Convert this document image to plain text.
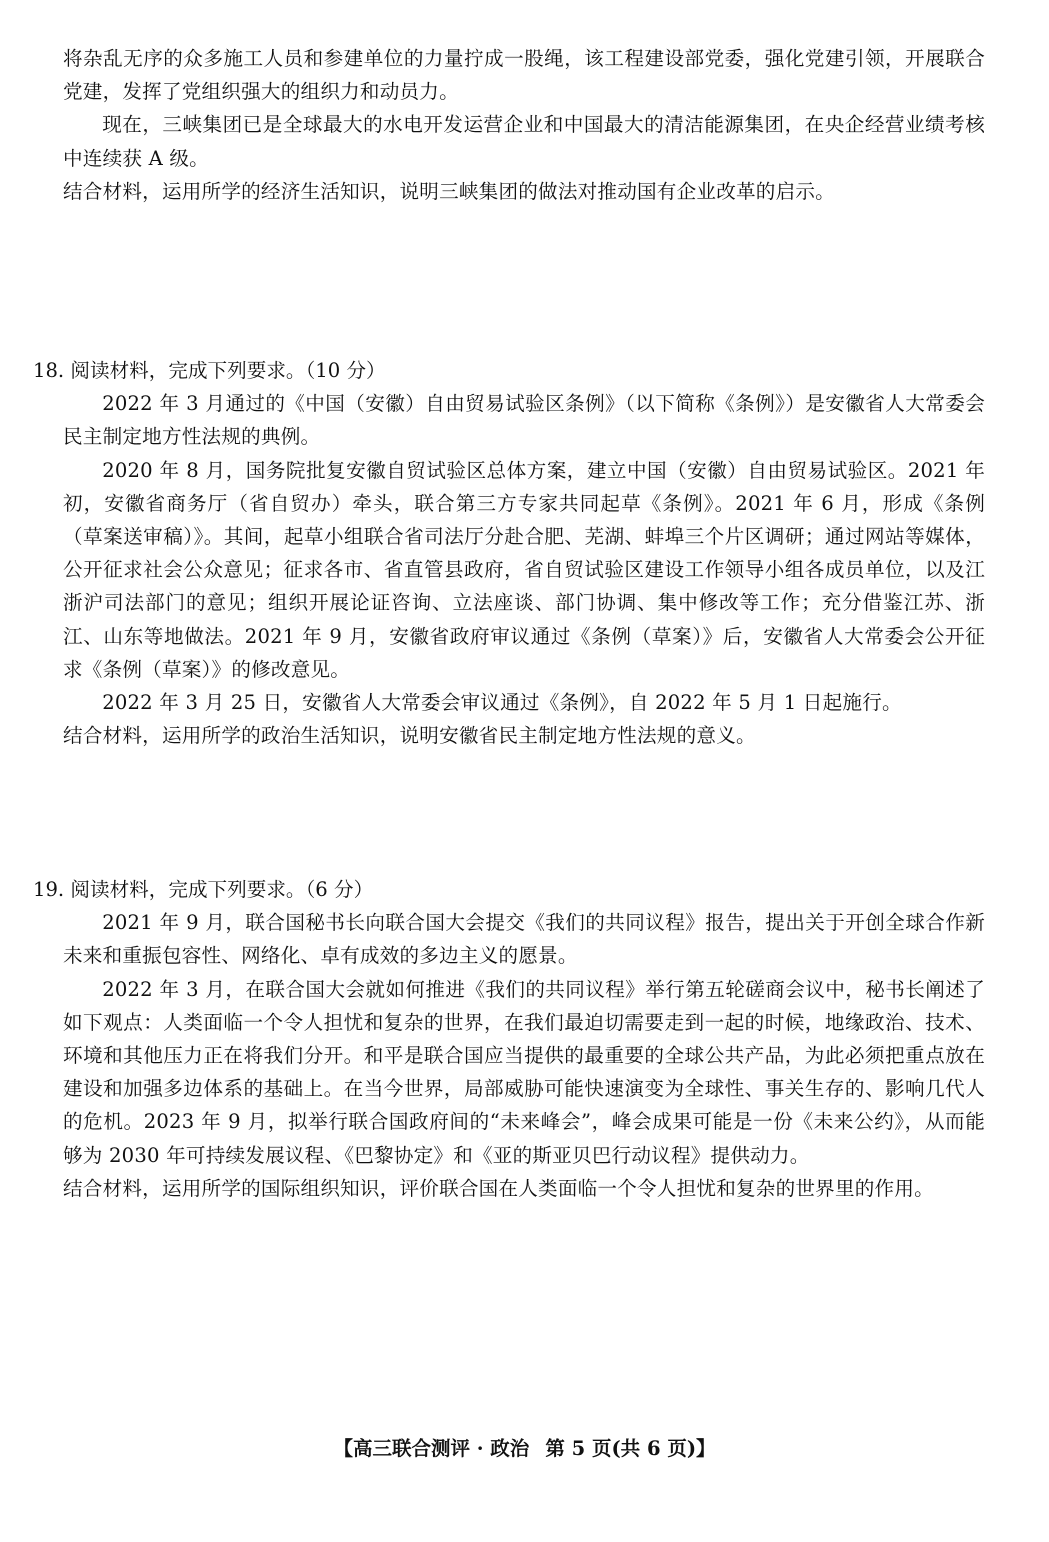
将杂乱无序的众多施工人员和参建单位的力量拧成一股绳，该工程建设部党委，强化党建引领，开展联合党建，发挥了党组织强大的组织力和动员力。

现在，三峡集团已是全球最大的水电开发运营企业和中国最大的清洁能源集团，在央企经营业绩考核中连续获 A 级。

结合材料，运用所学的经济生活知识，说明三峡集团的做法对推动国有企业改革的启示。

18. 阅读材料，完成下列要求。（10 分）

2022 年 3 月通过的《中国（安徽）自由贸易试验区条例》（以下简称《条例》）是安徽省人大常委会民主制定地方性法规的典例。

2020 年 8 月，国务院批复安徽自贸试验区总体方案，建立中国（安徽）自由贸易试验区。2021 年初，安徽省商务厅（省自贸办）牵头，联合第三方专家共同起草《条例》。2021 年 6 月，形成《条例（草案送审稿）》。其间，起草小组联合省司法厅分赴合肥、芜湖、蚌埠三个片区调研；通过网站等媒体，公开征求社会公众意见；征求各市、省直管县政府，省自贸试验区建设工作领导小组各成员单位，以及江浙沪司法部门的意见；组织开展论证咨询、立法座谈、部门协调、集中修改等工作；充分借鉴江苏、浙江、山东等地做法。2021 年 9 月，安徽省政府审议通过《条例（草案）》后，安徽省人大常委会公开征求《条例（草案）》的修改意见。

2022 年 3 月 25 日，安徽省人大常委会审议通过《条例》，自 2022 年 5 月 1 日起施行。

结合材料，运用所学的政治生活知识，说明安徽省民主制定地方性法规的意义。

19. 阅读材料，完成下列要求。（6 分）

2021 年 9 月，联合国秘书长向联合国大会提交《我们的共同议程》报告，提出关于开创全球合作新未来和重振包容性、网络化、卓有成效的多边主义的愿景。

2022 年 3 月，在联合国大会就如何推进《我们的共同议程》举行第五轮磋商会议中，秘书长阐述了如下观点：人类面临一个令人担忧和复杂的世界，在我们最迫切需要走到一起的时候，地缘政治、技术、环境和其他压力正在将我们分开。和平是联合国应当提供的最重要的全球公共产品，为此必须把重点放在建设和加强多边体系的基础上。在当今世界，局部威胁可能快速演变为全球性、事关生存的、影响几代人的危机。2023 年 9 月，拟举行联合国政府间的“未来峰会”，峰会成果可能是一份《未来公约》，从而能够为 2030 年可持续发展议程、《巴黎协定》和《亚的斯亚贝巴行动议程》提供动力。

结合材料，运用所学的国际组织知识，评价联合国在人类面临一个令人担忧和复杂的世界里的作用。

【高三联合测评 · 政治 第 5 页(共 6 页)】
